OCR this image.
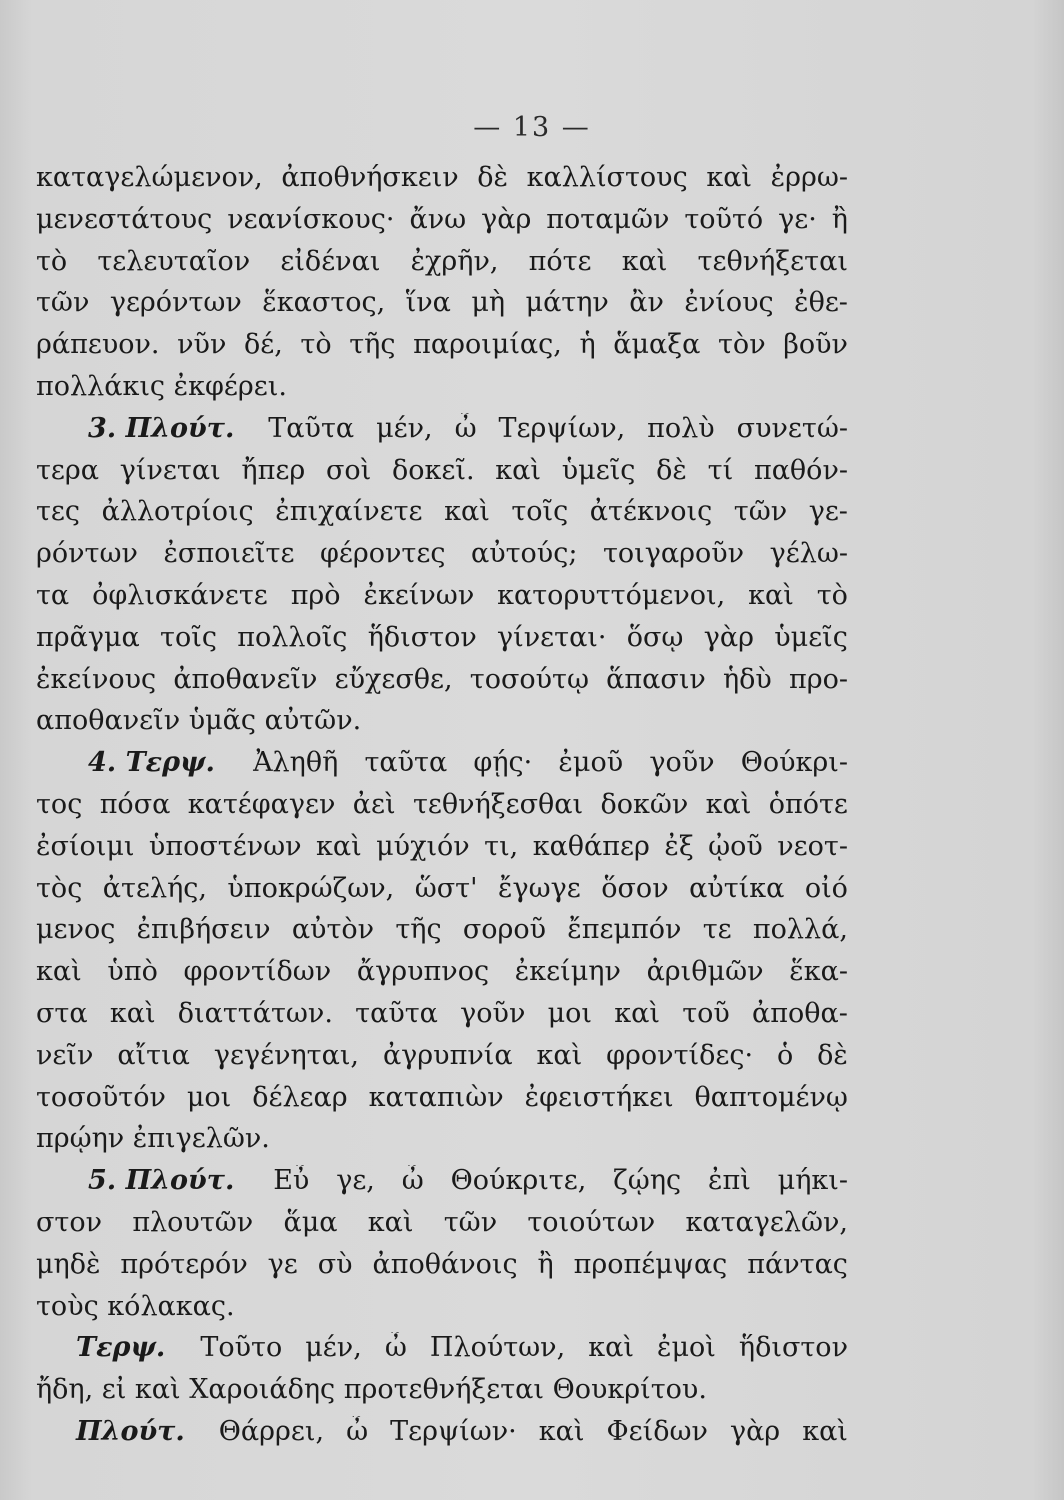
— 13 —
καταγελώμενον, ἀποθνήσκειν δὲ καλλίστους καὶ ἐρρω-
μενεστάτους νεανίσκους· ἄνω γὰρ ποταμῶν τοῦτό γε· ἢ
τὸ τελευταῖον εἰδέναι ἐχρῆν, πότε καὶ τεθνήξεται
τῶν γερόντων ἕκαστος, ἵνα μὴ μάτην ἂν ἐνίους ἐθε-
ράπευον. νῦν δέ, τὸ τῆς παροιμίας, ἡ ἅμαξα τὸν βοῦν
πολλάκις ἐκφέρει.
3. Πλούτ. Ταῦτα μέν, ὦ Τερψίων, πολὺ συνετώ-
τερα γίνεται ἤπερ σοὶ δοκεῖ. καὶ ὑμεῖς δὲ τί παθόν-
τες ἀλλοτρίοις ἐπιχαίνετε καὶ τοῖς ἀτέκνοις τῶν γε-
ρόντων ἐσποιεῖτε φέροντες αὐτούς; τοιγαροῦν γέλω-
τα ὀφλισκάνετε πρὸ ἐκείνων κατορυττόμενοι, καὶ τὸ
πρᾶγμα τοῖς πολλοῖς ἥδιστον γίνεται· ὅσῳ γὰρ ὑμεῖς
ἐκείνους ἀποθανεῖν εὔχεσθε, τοσούτῳ ἅπασιν ἡδὺ προ-
αποθανεῖν ὑμᾶς αὐτῶν.
4. Τερψ. Ἀληθῆ ταῦτα φῄς· ἐμοῦ γοῦν Θούκρι-
τος πόσα κατέφαγεν ἀεὶ τεθνήξεσθαι δοκῶν καὶ ὁπότε
ἐσίοιμι ὑποστένων καὶ μύχιόν τι, καθάπερ ἐξ ᾠοῦ νεοτ-
τὸς ἀτελής, ὑποκρώζων, ὥστ' ἔγωγε ὅσον αὐτίκα οἰό
μενος ἐπιβήσειν αὐτὸν τῆς σοροῦ ἔπεμπόν τε πολλά,
καὶ ὑπὸ φροντίδων ἄγρυπνος ἐκείμην ἀριθμῶν ἕκα-
στα καὶ διαττάτων. ταῦτα γοῦν μοι καὶ τοῦ ἀποθα-
νεῖν αἴτια γεγένηται, ἀγρυπνία καὶ φροντίδες· ὁ δὲ
τοσοῦτόν μοι δέλεαρ καταπιὼν ἐφειστήκει θαπτομένῳ
πρῴην ἐπιγελῶν.
5. Πλούτ. Εὖ γε, ὦ Θούκριτε, ζῴης ἐπὶ μήκι-
στον πλουτῶν ἅμα καὶ τῶν τοιούτων καταγελῶν,
μηδὲ πρότερόν γε σὺ ἀποθάνοις ἢ προπέμψας πάντας
τοὺς κόλακας.
Τερψ. Τοῦτο μέν, ὦ Πλούτων, καὶ ἐμοὶ ἥδιστον
ἤδη, εἰ καὶ Χαροιάδης προτεθνήξεται Θουκρίτου.
Πλούτ. Θάρρει, ὦ Τερψίων· καὶ Φείδων γὰρ καὶ
